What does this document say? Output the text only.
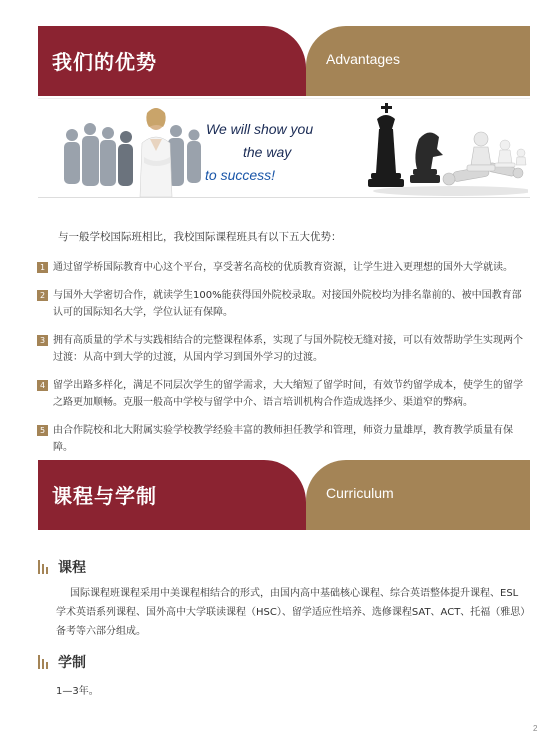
我们的优势	Advantages
We will show you
the way
to success!
与一般学校国际班相比，我校国际课程班具有以下五大优势：
1 通过留学桥国际教育中心这个平台，享受著名高校的优质教育资源，让学生进入更理想的国外大学就读。
2 与国外大学密切合作，就读学生100%能获得国外院校录取。对接国外院校均为排名靠前的、被中国教育部认可的国际知名大学，学位认证有保障。
3 拥有高质量的学术与实践相结合的完整课程体系，实现了与国外院校无缝对接，可以有效帮助学生实现两个过渡：从高中到大学的过渡，从国内学习到国外学习的过渡。
4 留学出路多样化，满足不同层次学生的留学需求，大大缩短了留学时间，有效节约留学成本，使学生的留学之路更加顺畅。克服一般高中学校与留学中介、语言培训机构合作造成选择少、渠道窄的弊病。
5 由合作院校和北大附属实验学校教学经验丰富的教师担任教学和管理，师资力量雄厚，教育教学质量有保障。
课程与学制	Curriculum
课程
国际课程班课程采用中美课程相结合的形式，由国内高中基础核心课程、综合英语整体提升课程、ESL学术英语系列课程、国外高中大学联读课程（HSC）、留学适应性培养、选修课程SAT、ACT、托福（雅思）备考等六部分组成。
学制
1—3年。
2
